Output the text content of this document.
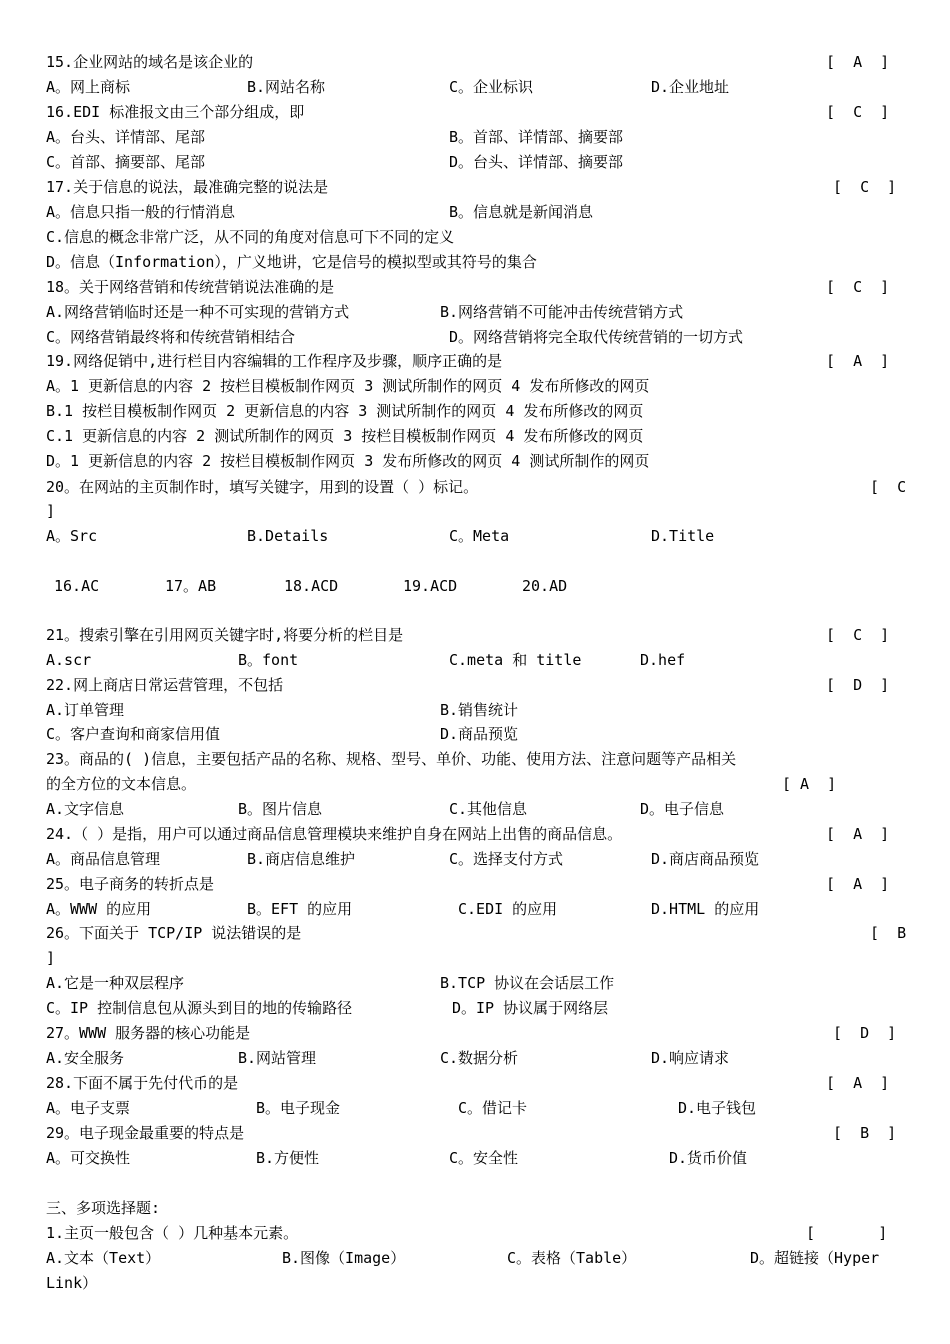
15.企业网站的域名是该企业的	[  A  ]
A。网上商标	B.网站名称	C。企业标识	D.企业地址
16.EDI 标准报文由三个部分组成，即	[  C  ]
A。台头、详情部、尾部	B。首部、详情部、摘要部
C。首部、摘要部、尾部	D。台头、详情部、摘要部
17.关于信息的说法，最准确完整的说法是	[  C  ]
A。信息只指一般的行情消息	B。信息就是新闻消息
C.信息的概念非常广泛，从不同的角度对信息可下不同的定义
D。信息（Information），广义地讲，它是信号的模拟型或其符号的集合
18。关于网络营销和传统营销说法准确的是	[  C  ]
A.网络营销临时还是一种不可实现的营销方式	B.网络营销不可能冲击传统营销方式
C。网络营销最终将和传统营销相结合	D。网络营销将完全取代传统营销的一切方式
19.网络促销中,进行栏目内容编辑的工作程序及步骤，顺序正确的是	[  A  ]
A。1 更新信息的内容 2 按栏目模板制作网页 3 测试所制作的网页 4 发布所修改的网页
B.1 按栏目模板制作网页 2 更新信息的内容 3 测试所制作的网页 4 发布所修改的网页
C.1 更新信息的内容 2 测试所制作的网页 3 按栏目模板制作网页 4 发布所修改的网页
D。1 更新信息的内容 2 按栏目模板制作网页 3 发布所修改的网页 4 测试所制作的网页
20。在网站的主页制作时，填写关键字，用到的设置（ ）标记。	[  C
]
A。Src	B.Details	C。Meta	D.Title
16.AC	17。AB	18.ACD	19.ACD	20.AD
21。搜索引擎在引用网页关键字时,将要分析的栏目是	[  C  ]
A.scr	B。font	C.meta 和 title	D.hef
22.网上商店日常运营管理，不包括	[  D  ]
A.订单管理	B.销售统计
C。客户查询和商家信用值	D.商品预览
23。商品的( )信息，主要包括产品的名称、规格、型号、单价、功能、使用方法、注意问题等产品相关
的全方位的文本信息。	[ A  ]
A.文字信息	B。图片信息	C.其他信息	D。电子信息
24.（ ）是指，用户可以通过商品信息管理模块来维护自身在网站上出售的商品信息。	[  A  ]
A。商品信息管理	B.商店信息维护	C。选择支付方式	D.商店商品预览
25。电子商务的转折点是	[  A  ]
A。WWW 的应用	B。EFT 的应用	C.EDI 的应用	D.HTML 的应用
26。下面关于 TCP/IP 说法错误的是	[  B
]
A.它是一种双层程序	B.TCP 协议在会话层工作
C。IP 控制信息包从源头到目的地的传输路径	D。IP 协议属于网络层
27。WWW 服务器的核心功能是	[  D  ]
A.安全服务	B.网站管理	C.数据分析	D.响应请求
28.下面不属于先付代币的是	[  A  ]
A。电子支票	B。电子现金	C。借记卡	D.电子钱包
29。电子现金最重要的特点是	[  B  ]
A。可交换性	B.方便性	C。安全性	D.货币价值
三、多项选择题:
1.主页一般包含（ ）几种基本元素。	[       ]
A.文本（Text）	B.图像（Image）	C。表格（Table）	D。超链接（Hyper
Link）
